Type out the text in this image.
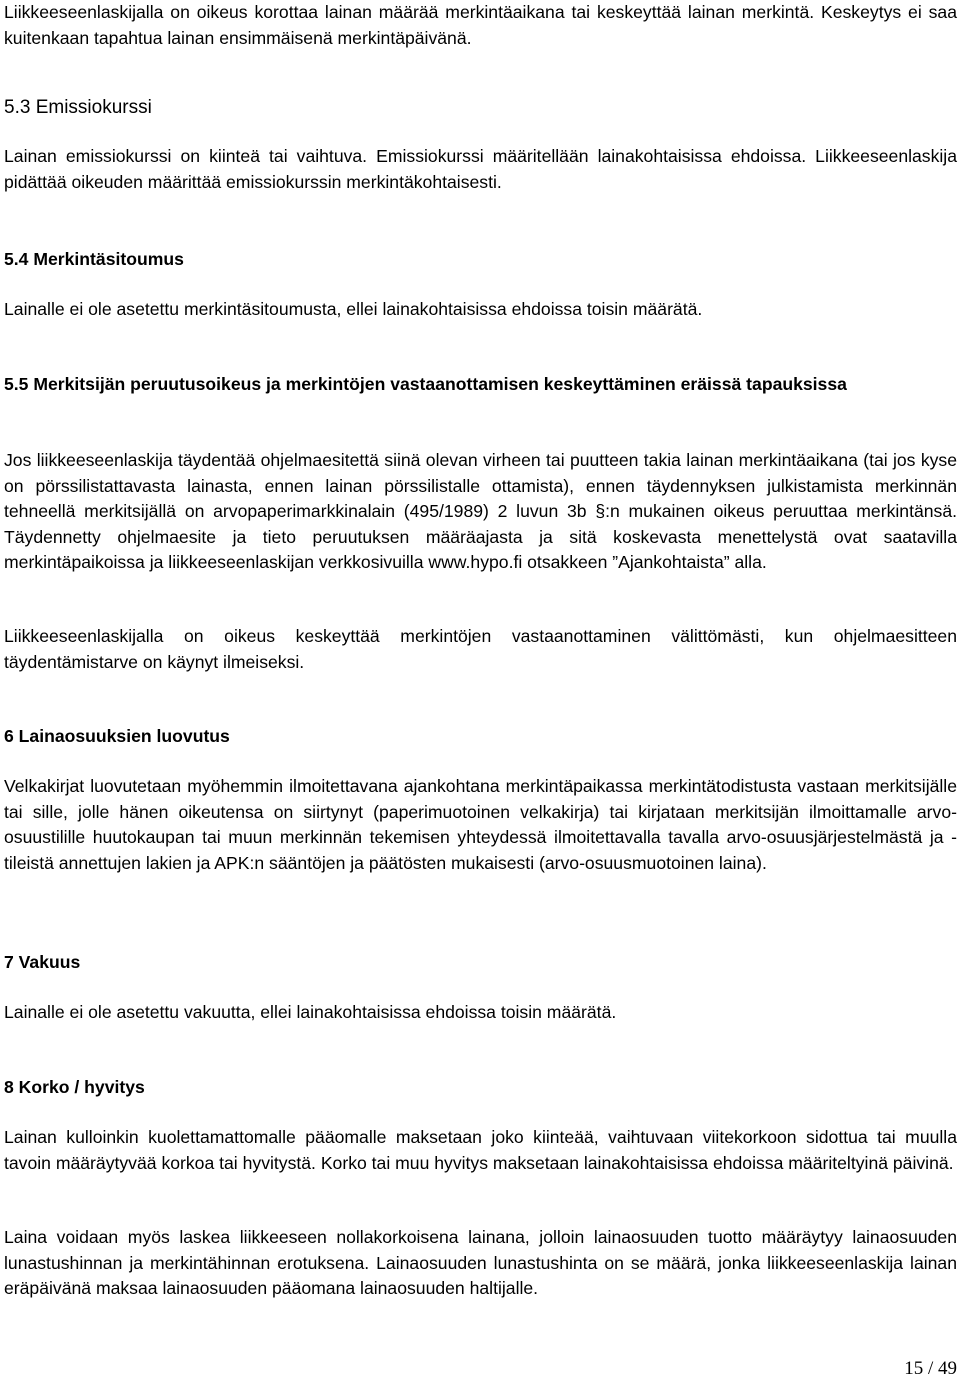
Liikkeeseenlaskijalla on oikeus korottaa lainan määrää merkintäaikana tai keskeyttää lainan merkintä. Keskeytys ei saa kuitenkaan tapahtua lainan ensimmäisenä merkintäpäivänä.

5.3 Emissiokurssi

Lainan emissiokurssi on kiinteä tai vaihtuva. Emissiokurssi määritellään lainakohtaisissa ehdoissa. Liikkeeseenlaskija pidättää oikeuden määrittää emissiokurssin merkintäkohtaisesti.

5.4 Merkintäsitoumus

Lainalle ei ole asetettu merkintäsitoumusta, ellei lainakohtaisissa ehdoissa toisin määrätä.

5.5 Merkitsijän peruutusoikeus ja merkintöjen vastaanottamisen keskeyttäminen eräissä tapauksissa

Jos liikkeeseenlaskija täydentää ohjelmaesitettä siinä olevan virheen tai puutteen takia lainan merkintäaikana (tai jos kyse on pörssilistattavasta lainasta, ennen lainan pörssilistalle ottamista), ennen täydennyksen julkistamista merkinnän tehneellä merkitsijällä on arvopaperimarkkinalain (495/1989) 2 luvun 3b §:n mukainen oikeus peruuttaa merkintänsä. Täydennetty ohjelmaesite ja tieto peruutuksen määräajasta ja sitä koskevasta menettelystä ovat saatavilla merkintäpaikoissa ja liikkeeseenlaskijan verkkosivuilla www.hypo.fi otsakkeen ”Ajankohtaista” alla.

Liikkeeseenlaskijalla on oikeus keskeyttää merkintöjen vastaanottaminen välittömästi, kun ohjelmaesitteen täydentämistarve on käynyt ilmeiseksi.

6 Lainaosuuksien luovutus

Velkakirjat luovutetaan myöhemmin ilmoitettavana ajankohtana merkintäpaikassa merkintätodistusta vastaan merkitsijälle tai sille, jolle hänen oikeutensa on siirtynyt (paperimuotoinen velkakirja) tai kirjataan merkitsijän ilmoittamalle arvo-osuustilille huutokaupan tai muun merkinnän tekemisen yhteydessä ilmoitettavalla tavalla arvo-osuusjärjestelmästä ja -tileistä annettujen lakien ja APK:n sääntöjen ja päätösten mukaisesti (arvo-osuusmuotoinen laina).

7 Vakuus

Lainalle ei ole asetettu vakuutta, ellei lainakohtaisissa ehdoissa toisin määrätä.

8 Korko / hyvitys

Lainan kulloinkin kuolettamattomalle pääomalle maksetaan joko kiinteää, vaihtuvaan viitekorkoon sidottua tai muulla tavoin määräytyvää korkoa tai hyvitystä. Korko tai muu hyvitys maksetaan lainakohtaisissa ehdoissa määriteltyinä päivinä.

Laina voidaan myös laskea liikkeeseen nollakorkoisena lainana, jolloin lainaosuuden tuotto määräytyy lainaosuuden lunastushinnan ja merkintähinnan erotuksena. Lainaosuuden lunastushinta on se määrä, jonka liikkeeseenlaskija lainan eräpäivänä maksaa lainaosuuden pääomana lainaosuuden haltijalle.

15 / 49
